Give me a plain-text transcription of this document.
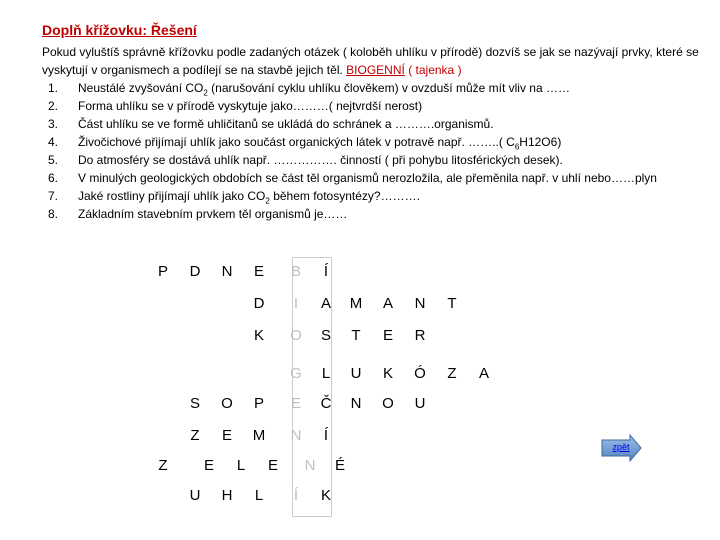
Doplň křížovku: Řešení
Pokud vyluštíš správně křížovku podle zadaných otázek ( koloběh uhlíku v přírodě) dozvíš se jak se nazývají prvky, které se vyskytují v organismech a podílejí se na stavbě jejich těl. BIOGENNÍ ( tajenka )
1. Neustálé zvyšování $CO_2$ (narušování cyklu uhlíku člověkem) v ovzduší může mít vliv na ……
2. Forma uhlíku se v přírodě vyskytuje jako………( nejtvrdší nerost)
3. Část uhlíku se ve formě uhličitanů se ukládá do schránek a ……….organismů.
4. Živočichové přijímají uhlík jako součást organických látek v potravě např. ……..( $C_6H12O6$)
5. Do atmosféry se dostává uhlík např. ……………. činností ( při pohybu litosférických desek).
6. V minulých geologických obdobích se část těl organismů nerozložila, ale přeměnila např. v uhlí nebo……plyn
7. Jaké rostliny přijímají uhlík jako $CO_2$ během fotosyntézy?……….
8. Základním stavebním prvkem těl organismů je……
P	D	N	E	B	Í
D	I	A	M	A	N	T
K	O	S	T	E	R
G	L	U	K	Ó	Z	A
S	O	P	E	Č	N	O	U
Z	E	M	N	Í
Z	E	L	E	N	É
U	H	L	Í	K
zpět
